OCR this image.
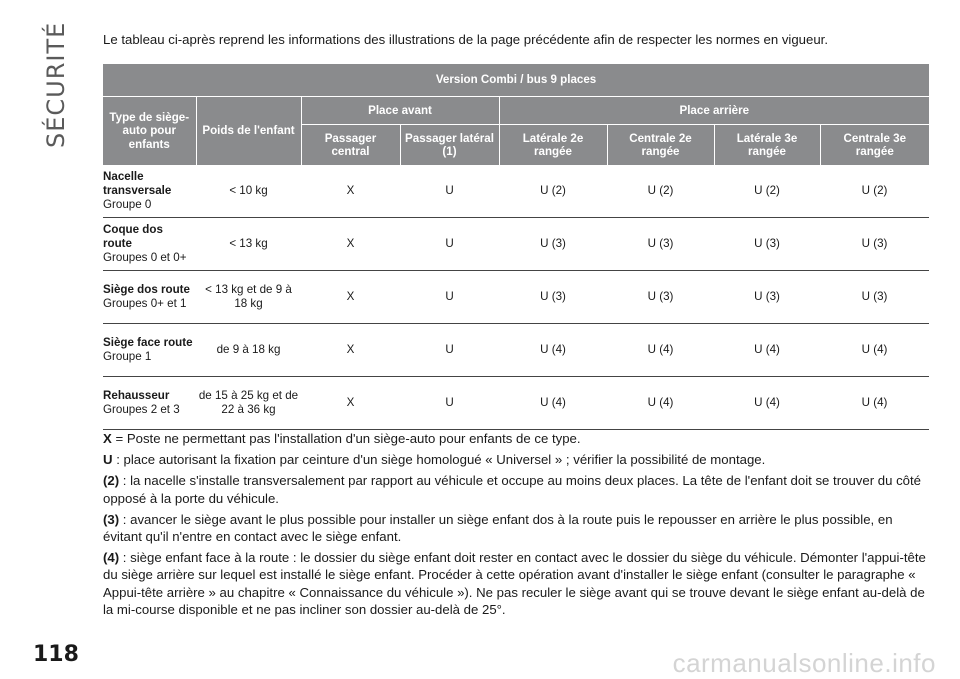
SÉCURITÉ	Le tableau ci-après reprend les informations des illustrations de la page précédente afin de respecter les normes en vigueur.
Version Combi / bus 9 places							
Type de siège-auto pour enfants	Poids de l'enfant	Place avant		Place arrière			
		Passager central	Passager latéral (1)	Latérale 2e rangée	Centrale 2e rangée	Latérale 3e rangée	Centrale 3e rangée
Nacelle transversale
Groupe 0	< 10 kg	X	U	U (2)	U (2)	U (2)	U (2)
Coque dos route
Groupes 0 et 0+	< 13 kg	X	U	U (3)	U (3)	U (3)	U (3)
Siège dos route
Groupes 0+ et 1	< 13 kg et de 9 à 18 kg	X	U	U (3)	U (3)	U (3)	U (3)
Siège face route
Groupe 1	de 9 à 18 kg	X	U	U (4)	U (4)	U (4)	U (4)
Rehausseur
Groupes 2 et 3	de 15 à 25 kg et de 22 à 36 kg	X	U	U (4)	U (4)	U (4)	U (4)

X = Poste ne permettant pas l'installation d'un siège-auto pour enfants de ce type.

U : place autorisant la fixation par ceinture d'un siège homologué « Universel » ; vérifier la possibilité de montage.

(2) : la nacelle s'installe transversalement par rapport au véhicule et occupe au moins deux places. La tête de l'enfant doit se trouver du côté opposé à la porte du véhicule.

(3) : avancer le siège avant le plus possible pour installer un siège enfant dos à la route puis le repousser en arrière le plus possible, en évitant qu'il n'entre en contact avec le siège enfant.

(4) : siège enfant face à la route : le dossier du siège enfant doit rester en contact avec le dossier du siège du véhicule. Démonter l'appui-tête du siège arrière sur lequel est installé le siège enfant. Procéder à cette opération avant d'installer le siège enfant (consulter le paragraphe « Appui-tête arrière » au chapitre « Connaissance du véhicule »). Ne pas reculer le siège avant qui se trouve devant le siège enfant au-delà de la mi-course disponible et ne pas incliner son dossier au-delà de 25°.

118	carmanualsonline.info
